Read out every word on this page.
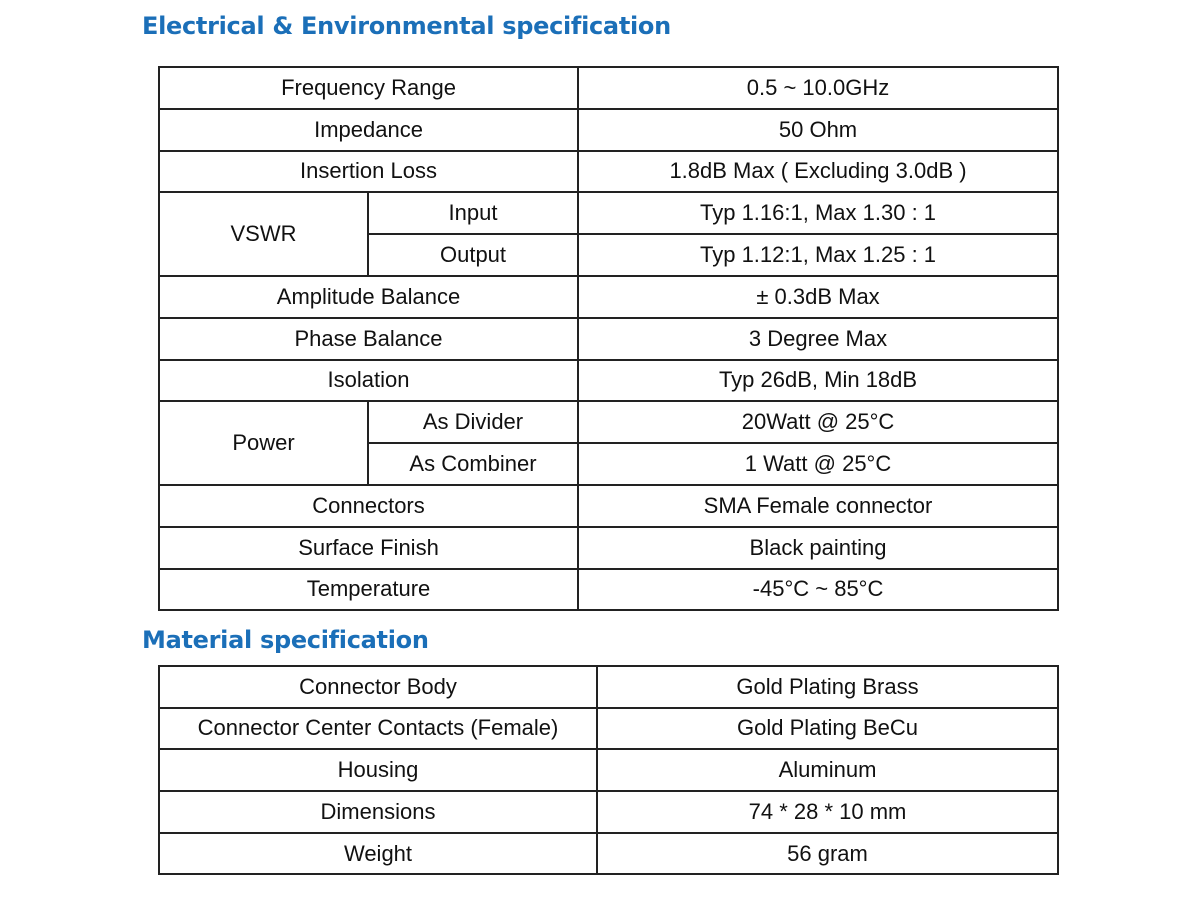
Electrical & Environmental specification
Frequency Range		0.5 ~ 10.0GHz
Impedance		50 Ohm
Insertion Loss		1.8dB Max ( Excluding 3.0dB )
VSWR	Input	Typ 1.16:1, Max 1.30 : 1
	Output	Typ 1.12:1, Max 1.25 : 1
Amplitude Balance		± 0.3dB Max
Phase Balance		3 Degree Max
Isolation		Typ 26dB, Min 18dB
Power	As Divider	20Watt @ 25°C
	As Combiner	1 Watt @ 25°C
Connectors		SMA Female connector
Surface Finish		Black painting
Temperature		-45°C ~ 85°C
Material specification
Connector Body	Gold Plating Brass
Connector Center Contacts (Female)	Gold Plating BeCu
Housing	Aluminum
Dimensions	74 * 28 * 10 mm
Weight	56 gram
